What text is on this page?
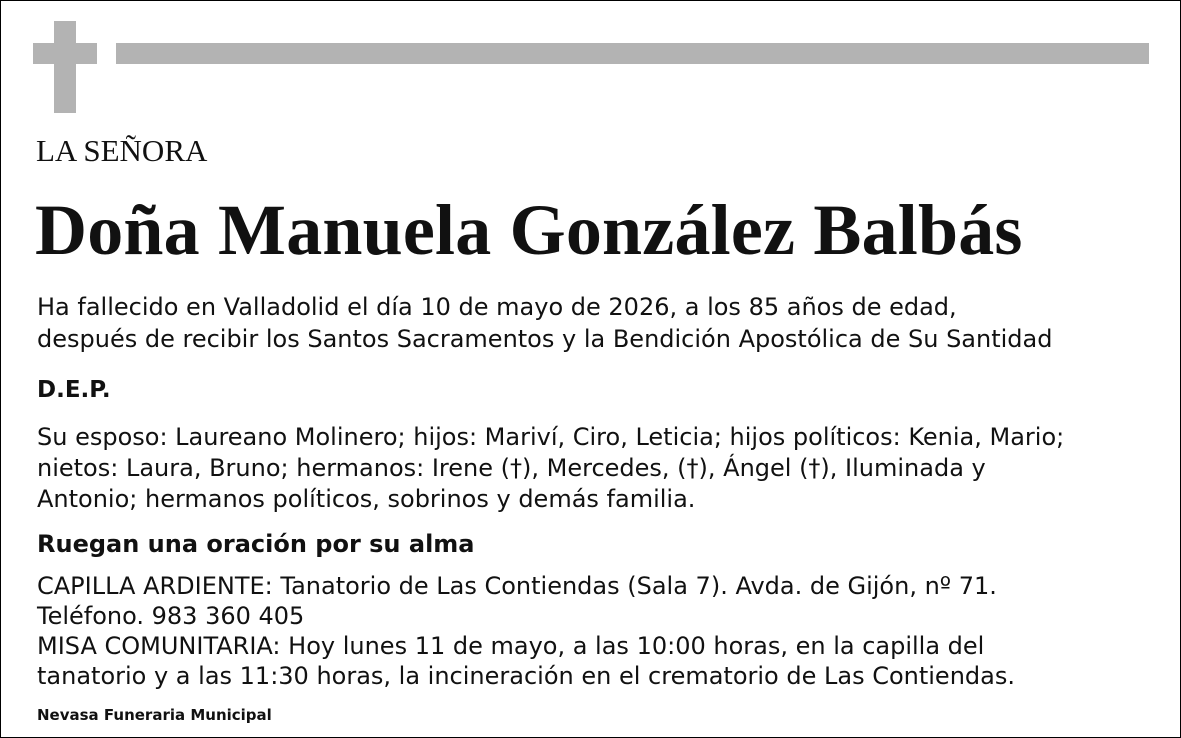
LA SEÑORA
Doña Manuela González Balbás
Ha fallecido en Valladolid el día 10 de mayo de 2026, a los 85 años de edad,
después de recibir los Santos Sacramentos y la Bendición Apostólica de Su Santidad
D.E.P.
Su esposo: Laureano Molinero; hijos: Mariví, Ciro, Leticia; hijos políticos: Kenia, Mario;
nietos: Laura, Bruno; hermanos: Irene (†), Mercedes, (†), Ángel (†), Iluminada y
Antonio; hermanos políticos, sobrinos y demás familia.
Ruegan una oración por su alma
CAPILLA ARDIENTE: Tanatorio de Las Contiendas (Sala 7). Avda. de Gijón, nº 71.
Teléfono. 983 360 405
MISA COMUNITARIA: Hoy lunes 11 de mayo, a las 10:00 horas, en la capilla del
tanatorio y a las 11:30 horas, la incineración en el crematorio de Las Contiendas.
Nevasa Funeraria Municipal
